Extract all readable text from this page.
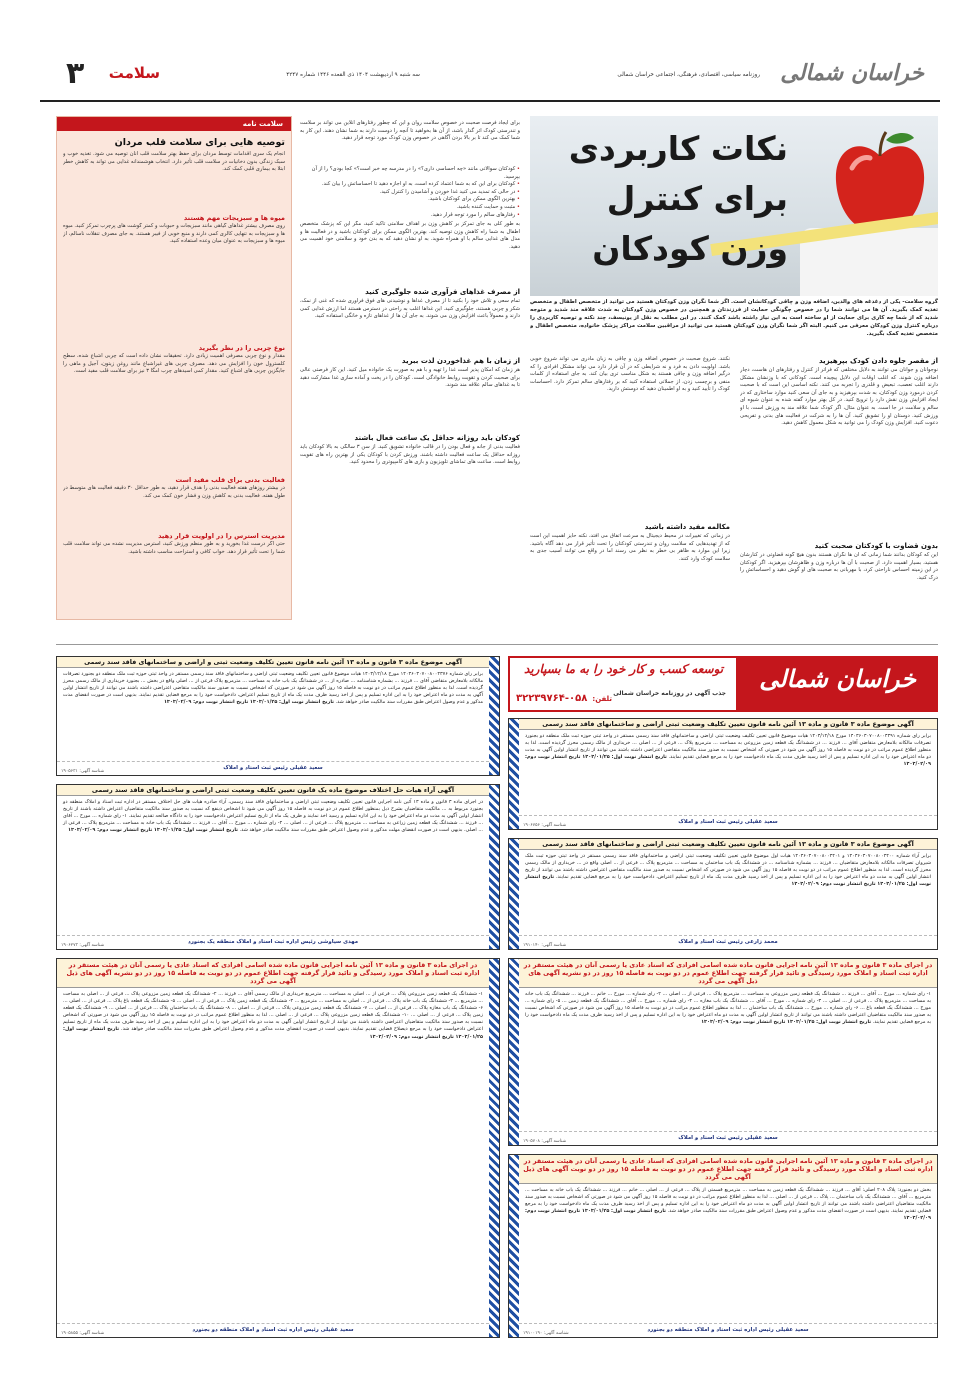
خراسان شمالی
روزنامه سیاسی، اقتصادی، فرهنگی، اجتماعی خراسان شمالی
سه شنبه ۹ اردیبهشت ۱۴۰۴ ذی القعده ۱۴۴۶ شماره ۴۲۴۷
سلامت
۳
نکات کاربردی
برای کنترل
وزن کودکان
گروه سلامت- یکی از دغدغه های والدین، اضافه وزن و چاقی کودکانشان است. اگر شما نگران وزن کودکتان هستید می توانید از متخصص اطفال و متخصص تغذیه کمک بگیرید. آن ها می توانند شما را در خصوص چگونگی حمایت از فرزندتان و همچنین در خصوص وزن کودکتان به شدت علاقه مند شدید و متوجه شدید که از شما چه کاری برای حمایت از او ساخته است به این نیاز داشته باشد کمک کنند. در این مطلب به نقل از یونیسف، چند نکته و توصیه کاربردی را درباره کنترل وزن کودکان معرفی می کنیم. البته اگر شما نگران وزن کودکتان هستید می توانید از مراقبین سلامت مراکز پزشک خانواده، متخصص اطفال و متخصص تغذیه کمک بگیرید.
از مقصر جلوه دادن کودک بپرهیزید
نوجوانان و جوانان می توانند به دلایل مختلفی که فراتر از کنترل و رفتارهای آن هاست، دچار اضافه وزن شوند. که اغلب اوقات این دلایل پیچیده است. کودکانی که با وزنشان مشکل دارند اغلب تعصب، تبعیض و قلدری را تجربه می کنند. نکته اساسی این است که با صحبت کردن درمورد وزن کودکتان، به شدت بپرهیزید و به جای آن سعی کنید موارد ساختاری که در ایجاد افزایش وزن نقش دارد را ترویج کنید. در کل بهتر موارد گفته شده به عنوان شیوه ای سالم و سلامت در جا است. به عنوان مثال، اگر کودک شما علاقه مند به ورزش است، با او ورزش کنید. دوستان او را تشویق کنید. آن ها را به شرکت در فعالیت های بدنی و تفریحی دعوت کنید. افزایش وزن کودک را می توانید به شکل معمول کاهش دهید.
بدون قضاوت با کودکتان صحبت کنید
این که کودکان بدانند شما زمانی که آن ها نگران هستند بدون هیچ گونه قضاوتی در کنارشان هستید، بسیار اهمیت دارد. از صحبت با آن ها درباره وزن و ظاهرشان بپرهیزید. اگر کودکتان در این زمینه احساس ناراحتی کرد، با مهربانی به صحبت های او گوش دهید و احساساتش را درک کنید.
نکنند. شروع صحبت در خصوص اضافه وزن و چاقی به زبان مادری می تواند شروع خوبی باشد. اولویت دادن به فرد و نه شرایطی که در آن قرار دارد می تواند مشکل افرادی را که درگیر اضافه وزن و چاقی هستند به شکل مناسب تری بیان کند. به جای استفاده از کلمات منفی و برچسب زدن، از جملاتی استفاده کنید که بر رفتارهای سالم تمرکز دارد. احساسات کودک را تأیید کنید و به او اطمینان دهید که دوستش دارید.
مکالمه مفید داشته باشید
در زمانی که تغییرات در محیط دیجیتال به سرعت اتفاق می افتد، نکته حایز اهمیت این است که از تهدیدهایی که سلامت روان و تندرستی کودکتان را تحت تأثیر قرار می دهد آگاه باشید. زیرا این موارد به ظاهر بی خطر به نظر می رسند اما در واقع می توانند آسیب جدی به سلامت کودک وارد کنند.
برای ایجاد فرصت صحبت در خصوص سلامت روان و این که چطور رفتارهای آنلاین می تواند بر سلامت و تندرستی کودک اثر گذار باشد، از آن ها بخواهید تا آنچه را دوست دارند به شما نشان دهند. این کار به شما کمک می کند تا بر بالا بردن آگاهی در خصوص وزن کودک مورد توجه قرار دهید.
• کودکتان سوالاتی مانند «چه احساسی داری؟» را در مدرسه چه خبر است؟» کجا بودی؟ را از آن بپرسید.
• کودکتان برای این که به شما اعتماد کرده است، به او اجازه دهید تا احساساتش را بیان کند.
• در حالی که تمدید می کنید غذا خوردن و آشامیدن را کنترل کنید.
• بهترین الگوی ممکن برای کودکتان باشید.
• مثبت و حمایت کننده باشید.
• رفتارهای سالم را مورد توجه قرار دهید.
به طور کلی به جای تمرکز بر کاهش وزن بر اهداف سلامتی تاکید کنید، مگر این که پزشک متخصص اطفال به شما راه کاهش وزن توصیه کند. بهترین الگوی ممکن برای کودکتان باشید و در فعالیت ها و مدل های غذایی سالم با او همراه شوید. به او نشان دهید که به بدن خود و سلامتی خود اهمیت می دهید.
از مصرف غذاهای فرآوری شده جلوگیری کنید
تمام سعی و تلاش خود را بکنید تا از مصرف غذاها و نوشیدنی های فوق فرآوری شده که غنی از نمک، شکر و چربی هستند، جلوگیری کنید. این غذاها اغلب به راحتی در دسترس هستند اما ارزش غذایی کمی دارند و معمولاً باعث افزایش وزن می شوند. به جای آن ها از غذاهای تازه و خانگی استفاده کنید.
از زمان با هم غذاخوردن لذت ببرید
هر زمان که امکان پذیر است غذا را تهیه و با هم به صورت یک خانواده میل کنید. این کار فرصتی عالی برای صحبت کردن و تقویت روابط خانوادگی است. کودکان را در پخت و آماده سازی غذا مشارکت دهید تا به غذاهای سالم علاقه مند شوند.
کودکان باید روزانه حداقل یک ساعت فعال باشند
فعالیت بدنی از جانه و فعال بودن را در قالب خانواده تشویق کنید. از سن ۳ سالگی به بالا کودکان باید روزانه حداقل یک ساعت فعالیت داشته باشند. ورزش کردن با کودکان یکی از بهترین راه های تقویت روابط است. ساعت های تماشای تلویزیون و بازی های کامپیوتری را محدود کنید.
سلامت نامه
توصیه هایی برای سلامت قلب مردان
انجام یک سری اقدامات توسط مردان برای حفظ بهتر سلامت قلب آنان توصیه می شود. تغذیه خوب و سبک زندگی بدون دخانیات در سلامت قلب تأثیر دارد. انتخاب هوشمندانه غذایی می تواند به کاهش خطر ابتلا به بیماری قلبی کمک کند.
میوه ها و سبزیجات مهم هستند
روی مصرف بیشتر غذاهای گیاهی مانند سبزیجات و حبوبات و کمتر گوشت های پرچرب تمرکز کنید. میوه ها و سبزیجات به تنهایی کالری کمی دارند و منبع خوبی از فیبر هستند. به جای مصرف تنقلات ناسالم، از میوه ها و سبزیجات به عنوان میان وعده استفاده کنید.
نوع چربی را در نظر بگیرید
مقدار و نوع چربی مصرفی اهمیت زیادی دارد. تحقیقات نشان داده است که چربی اشباع شده، سطح کلسترول خون را افزایش می دهد. مصرف چربی های غیراشباع مانند روغن زیتون، آجیل و ماهی را جایگزین چربی های اشباع کنید. مقدار کمی اسیدهای چرب امگا ۳ نیز برای سلامت قلب مفید است.
فعالیت بدنی برای قلب مفید است
در بیشتر روزهای هفته فعالیت بدنی را هدف قرار دهید، به طور حداقل ۳۰ دقیقه فعالیت های متوسط در طول هفته. فعالیت بدنی به کاهش وزن و فشار خون کمک می کند.
مدیریت استرس را در اولویت قرار دهید
حتی اگر درست غذا بخورید و به طور منظم ورزش کنید، استرس مدیریت نشده می تواند سلامت قلب شما را تحت تأثیر قرار دهد. خواب کافی و استراحت مناسب داشته باشید.
خراسان شمالی
توسعه کسب و کار خود را به ما بسپارید
جذب آگهی در روزنامه خراسان شمالی
تلفن: ۰۵۸-۳۲۲۳۹۷۶۴
آگهی موضوع ماده ۳ قانون و ماده ۱۳ آئین نامه قانون تعیین تکلیف وضعیت ثبتی و اراضی و ساختمانهای فاقد سند رسمی
برابر رای شماره ۱۴۰۳۶۰۳۰۷۰۰۸۰۰۴۳۷۶ مورخ ۱۴۰۳/۱۲/۱۸ هیات موضوع قانون تعیین تکلیف وضعیت ثبتی اراضی و ساختمانهای فاقد سند رسمی مستقر در واحد ثبتی حوزه ثبت ملک منطقه دو بجنورد تصرفات مالکانه بلامعارض متقاضی آقای ... فرزند ... بشماره شناسنامه ... صادره از ... در ششدانگ یک باب خانه به مساحت ... مترمربع پلاک فرعی از ... اصلی واقع در بخش ... بجنورد خریداری از مالک رسمی محرز گردیده است. لذا به منظور اطلاع عموم مراتب در دو نوبت به فاصله ۱۵ روز آگهی می شود در صورتی که اشخاص نسبت به صدور سند مالکیت متقاضی اعتراضی داشته باشند می توانند از تاریخ انتشار اولین آگهی به مدت دو ماه اعتراض خود را به این اداره تسلیم و پس از اخذ رسید ظرف مدت یک ماه از تاریخ تسلیم اعتراض، دادخواست خود را به مرجع قضایی تقدیم نمایند. بدیهی است در صورت انقضای مدت مذکور و عدم وصول اعتراض طبق مقررات سند مالکیت صادر خواهد شد. تاریخ انتشار نوبت اول: ۱۴۰۴/۰۱/۲۵ تاریخ انتشار نوبت دوم: ۱۴۰۴/۰۲/۰۹
سعید عقیلی رئیس ثبت اسناد و املاک
شناسه آگهی: ۱۹۰۵۶۳۱
آگهی آراء هیات حل اختلاف موضوع ماده یک قانون تعیین تکلیف وضعیت ثبتی اراضی و ساختمانهای فاقد سند رسمی
در اجرای ماده ۳ قانون و ماده ۱۳ آئین نامه اجرایی قانون تعیین تکلیف وضعیت ثبتی اراضی و ساختمانهای فاقد سند رسمی، آراء صادره هیات های حل اختلاف مستقر در اداره ثبت اسناد و املاک منطقه دو بجنورد مربوط به ... مالکیت متقاضیان بشرح ذیل بمنظور اطلاع عموم در دو نوبت به فاصله ۱۵ روز آگهی می شود تا اشخاص ذینفع که نسبت به صدور سند مالکیت متقاضیان اعتراض داشته باشند از تاریخ انتشار اولین آگهی به مدت دو ماه اعتراض خود را به این اداره تسلیم و رسید اخذ نمایند و ظرف یک ماه از تاریخ تسلیم اعتراض دادخواست خود را به دادگاه صالحه تقدیم نمایند. ۱- رای شماره ... مورخ ... آقای ... فرزند ... ششدانگ یک قطعه زمین زراعی به مساحت ... مترمربع پلاک ... فرعی از ... اصلی ... ۲- رای شماره ... مورخ ... آقای ... فرزند ... ششدانگ یک باب خانه به مساحت ... مترمربع پلاک ... فرعی از ... اصلی. بدیهی است در صورت انقضای مهلت مذکور و عدم وصول اعتراض طبق مقررات سند مالکیت صادر خواهد شد. تاریخ انتشار نوبت اول: ۱۴۰۴/۰۱/۲۵ تاریخ انتشار نوبت دوم: ۱۴۰۴/۰۲/۰۹
مهدی سیاوشی رئیس اداره ثبت اسناد و املاک منطقه یک بجنورد
شناسه آگهی: ۱۹۰۶۲۷۳
آگهی موضوع ماده ۳ قانون و ماده ۱۳ آئین نامه قانون تعیین تکلیف وضعیت ثبتی اراضی و ساختمانهای فاقد سند رسمی
برابر رای شماره ۱۴۰۳۶۰۳۰۷۰۰۸۰۰۴۳۹۱ مورخ ۱۴۰۳/۱۲/۱۸ هیات موضوع قانون تعیین تکلیف وضعیت ثبتی اراضی و ساختمانهای فاقد سند رسمی مستقر در واحد ثبتی حوزه ثبت ملک منطقه دو بجنورد تصرفات مالکانه بلامعارض متقاضی آقای ... فرزند ... در ششدانگ یک قطعه زمین مزروعی به مساحت ... مترمربع پلاک ... فرعی از ... اصلی ... خریداری از مالک رسمی محرز گردیده است. لذا به منظور اطلاع عموم مراتب در دو نوبت به فاصله ۱۵ روز آگهی می شود در صورتی که اشخاص نسبت به صدور سند مالکیت متقاضی اعتراضی داشته باشند می توانند از تاریخ انتشار اولین آگهی به مدت دو ماه اعتراض خود را به این اداره تسلیم و پس از اخذ رسید ظرف مدت یک ماه دادخواست خود را به مرجع قضایی تقدیم نمایند. تاریخ انتشار نوبت اول: ۱۴۰۴/۰۱/۲۵ تاریخ انتشار نوبت دوم: ۱۴۰۴/۰۲/۰۹
سعید عقیلی رئیس ثبت اسناد و املاک
شناسه آگهی: ۱۹۰۶۷۵۶
آگهی موضوع ماده ۳ قانون و ماده ۱۳ آئین نامه قانون تعیین تکلیف وضعیت ثبتی اراضی و ساختمانهای فاقد سند رسمی
برابر آراء شماره ۱۴۰۳۶۰۳۰۷۰۰۸۰۰۴۴۰۰ و ۱۴۰۳۶۰۳۰۷۰۰۸۰۰۴۴۰۱ هیات اول موضوع قانون تعیین تکلیف وضعیت ثبتی اراضی و ساختمانهای فاقد سند رسمی مستقر در واحد ثبتی حوزه ثبت ملک شیروان تصرفات مالکانه بلامعارض متقاضیان ... فرزند ... بشماره شناسنامه ... در ششدانگ یک باب ساختمان به مساحت ... مترمربع پلاک ... فرعی از ... اصلی واقع در ... خریداری از مالک رسمی محرز گردیده است. لذا به منظور اطلاع عموم مراتب در دو نوبت به فاصله ۱۵ روز آگهی می شود در صورتی که اشخاص نسبت به صدور سند مالکیت متقاضی اعتراضی داشته باشند می توانند از تاریخ انتشار اولین آگهی به مدت دو ماه اعتراض خود را به این اداره تسلیم و پس از اخذ رسید ظرف مدت یک ماه از تاریخ تسلیم اعتراض، دادخواست خود را به مرجع قضایی تقدیم نمایند. تاریخ انتشار نوبت اول: ۱۴۰۴/۰۱/۲۵ تاریخ انتشار نوبت دوم: ۱۴۰۴/۰۲/۰۹
محمد زارعی رئیس ثبت اسناد و املاک
شناسه آگهی: ۱۹۱۰۱۴۰
در اجرای ماده ۳ قانون و ماده ۱۳ آئین نامه اجرایی قانون ماده شده اسامی افرادی که اسناد عادی یا رسمی آنان در هیئت مستقر در اداره ثبت اسناد و املاک مورد رسیدگی و تائید قرار گرفته جهت اطلاع عموم در دو نوبت به فاصله ۱۵ روز در دو نشریه آگهی های ذیل آگهی می گردد
۱- ششدانگ یک قطعه زمین مزروعی پلاک ... فرعی از ... اصلی به مساحت ... مترمربع خریداری از مالک رسمی آقای ... فرزند ... ۲- ششدانگ یک قطعه زمین مزروعی پلاک ... فرعی از ... اصلی به مساحت ... مترمربع ... ۳- ششدانگ یک باب خانه پلاک ... فرعی از ... اصلی به مساحت ... مترمربع ... ۴- ششدانگ یک قطعه زمین پلاک ... فرعی از ... اصلی ... ۵- ششدانگ یک قطعه باغ پلاک ... فرعی از ... اصلی ... ۶- ششدانگ یک باب مغازه پلاک ... فرعی از ... اصلی ... ۷- ششدانگ یک قطعه زمین مزروعی پلاک ... فرعی از ... اصلی ... ۸- ششدانگ یک باب ساختمان پلاک ... فرعی از ... اصلی ... ۹- ششدانگ یک قطعه زمین پلاک ... فرعی از ... اصلی ... ۱۰- ششدانگ یک قطعه زمین مزروعی پلاک ... فرعی از ... اصلی ... لذا به منظور اطلاع عموم مراتب در دو نوبت به فاصله ۱۵ روز آگهی می شود در صورتی که اشخاص نسبت به صدور سند مالکیت متقاضیان اعتراضی داشته باشند می توانند از تاریخ انتشار اولین آگهی به مدت دو ماه اعتراض خود را به این اداره تسلیم و پس از اخذ رسید ظرف مدت یک ماه از تاریخ تسلیم اعتراض دادخواست خود را به مرجع ذیصلاح قضایی تقدیم نمایند. بدیهی است در صورت انقضای مدت مذکور و عدم وصول اعتراض طبق مقررات سند مالکیت صادر خواهد شد. تاریخ انتشار نوبت اول: ۱۴۰۴/۰۱/۲۵ تاریخ انتشار نوبت دوم: ۱۴۰۴/۰۲/۰۹
سعید عقیلی رئیس اداره ثبت اسناد و املاک منطقه دو بجنورد
شناسه آگهی: ۱۹۰۵۸۵۵
در اجرای ماده ۳ قانون و ماده ۱۳ آئین نامه اجرایی قانون ماده شده اسامی افرادی که اسناد عادی یا رسمی آنان در هیئت مستقر در اداره ثبت اسناد و املاک مورد رسیدگی و تائید قرار گرفته جهت اطلاع عموم در دو نوبت به فاصله ۱۵ روز در دو نشریه آگهی های ذیل آگهی می گردد
۱- رای شماره ... مورخ ... آقای ... فرزند ... ششدانگ یک قطعه زمین مزروعی به مساحت ... مترمربع پلاک ... فرعی از ... اصلی ... ۲- رای شماره ... مورخ ... خانم ... فرزند ... ششدانگ یک باب خانه به مساحت ... مترمربع پلاک ... فرعی از ... اصلی ... ۳- رای شماره ... مورخ ... آقای ... ششدانگ یک باب مغازه ... ۴- رای شماره ... مورخ ... آقای ... ششدانگ یک قطعه زمین ... ۵- رای شماره ... مورخ ... ششدانگ یک قطعه باغ ... ۶- رای شماره ... مورخ ... ششدانگ یک باب ساختمان ... لذا به منظور اطلاع عموم مراتب در دو نوبت به فاصله ۱۵ روز آگهی می شود در صورتی که اشخاص نسبت به صدور سند مالکیت متقاضیان اعتراضی داشته باشند می توانند از تاریخ انتشار اولین آگهی به مدت دو ماه اعتراض خود را به این اداره تسلیم و پس از اخذ رسید ظرف مدت یک ماه دادخواست خود را به مرجع قضایی تقدیم نمایند. تاریخ انتشار نوبت اول: ۱۴۰۴/۰۱/۲۵ تاریخ انتشار نوبت دوم: ۱۴۰۴/۰۲/۰۹
سعید عقیلی رئیس ثبت اسناد و املاک
شناسه آگهی: ۱۹۰۵۷۰۸
در اجرای ماده ۳ قانون و ماده ۱۳ آئین نامه اجرایی قانون ماده شده اسامی افرادی که اسناد عادی یا رسمی آنان در هیئت مستقر در اداره ثبت اسناد و املاک مورد رسیدگی و تائید قرار گرفته جهت اطلاع عموم در دو نوبت به فاصله ۱۵ روز در دو نوبت آگهی های ذیل آگهی می گردد
بخش دو بجنورد: پلاک ۲۰۸ اصلی: آقای ... فرزند ... ششدانگ یک قطعه زمین به مساحت ... مترمربع قسمتی از پلاک ... فرعی از ... اصلی ... خانم ... فرزند ... ششدانگ یک باب خانه به مساحت ... مترمربع ... آقای ... ششدانگ یک باب ساختمان ... پلاک ... فرعی از ... اصلی ... لذا به منظور اطلاع عموم مراتب در دو نوبت به فاصله ۱۵ روز آگهی می شود در صورتی که اشخاص نسبت به صدور سند مالکیت متقاضیان اعتراضی داشته باشند می توانند از تاریخ انتشار اولین آگهی به مدت دو ماه اعتراض خود را به این اداره تسلیم و پس از اخذ رسید ظرف مدت یک ماه دادخواست خود را به مرجع قضایی تقدیم نمایند. بدیهی است در صورت انقضای مدت مذکور و عدم وصول اعتراض طبق مقررات سند مالکیت صادر خواهد شد. تاریخ انتشار نوبت اول: ۱۴۰۴/۰۱/۲۵ تاریخ انتشار نوبت دوم: ۱۴۰۴/۰۲/۰۹
سعید عقیلی رئیس اداره ثبت اسناد و املاک منطقه دو بجنورد
شناسه آگهی: ۱۹۱۰۰۱۹۰
